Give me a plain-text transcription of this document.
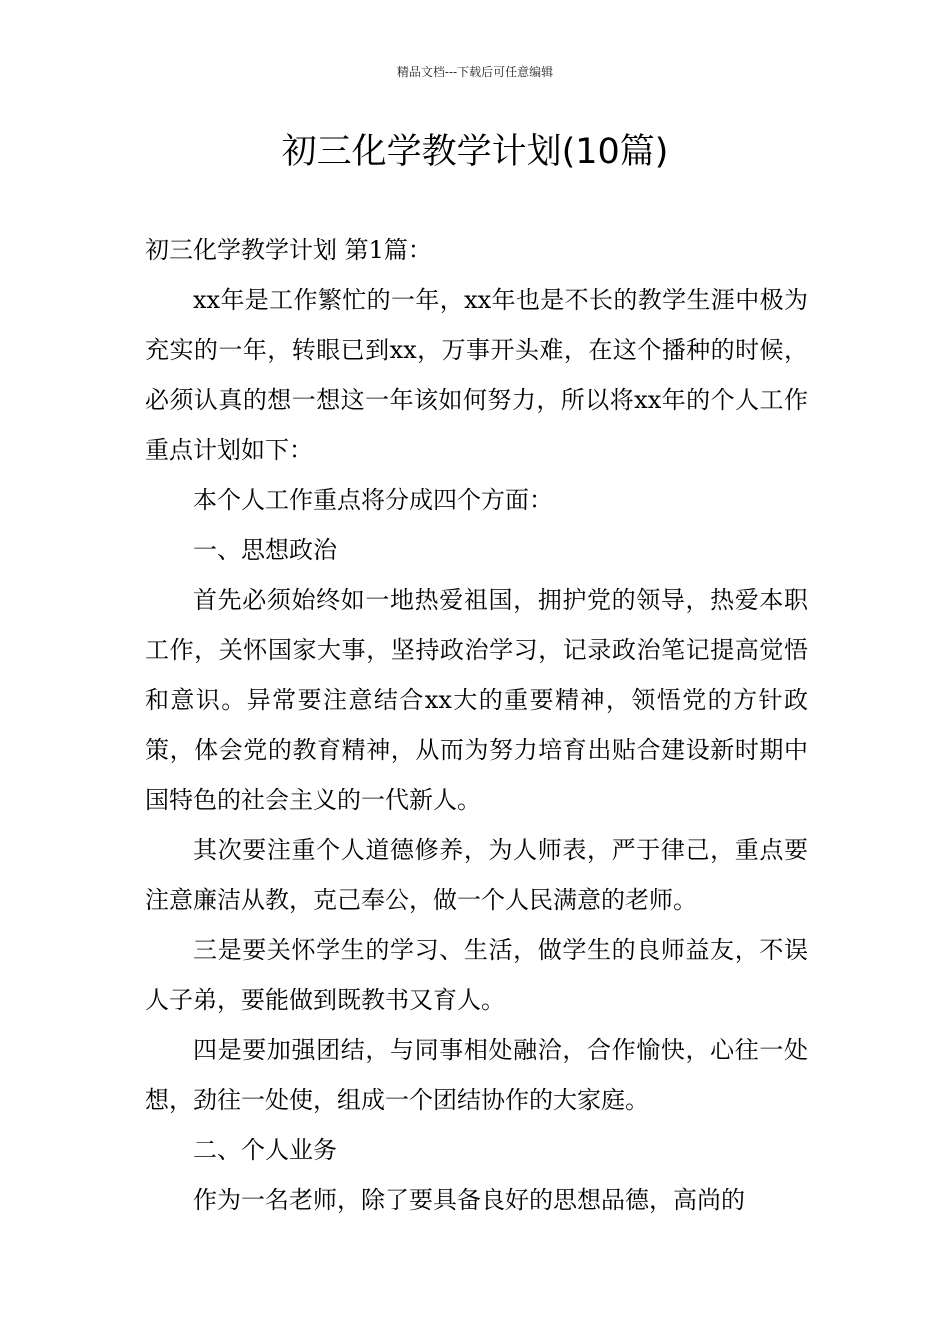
精品文档---下载后可任意编辑
初三化学教学计划(10篇)

初三化学教学计划 第1篇：

xx年是工作繁忙的一年，xx年也是不长的教学生涯中极为充实的一年，转眼已到xx，万事开头难，在这个播种的时候，必须认真的想一想这一年该如何努力，所以将xx年的个人工作重点计划如下：

本个人工作重点将分成四个方面：

一、思想政治

首先必须始终如一地热爱祖国，拥护党的领导，热爱本职工作，关怀国家大事，坚持政治学习，记录政治笔记提高觉悟和意识。异常要注意结合xx大的重要精神，领悟党的方针政策，体会党的教育精神，从而为努力培育出贴合建设新时期中国特色的社会主义的一代新人。

其次要注重个人道德修养，为人师表，严于律己，重点要注意廉洁从教，克己奉公，做一个人民满意的老师。

三是要关怀学生的学习、生活，做学生的良师益友，不误人子弟，要能做到既教书又育人。

四是要加强团结，与同事相处融洽，合作愉快，心往一处想，劲往一处使，组成一个团结协作的大家庭。

二、个人业务

作为一名老师，除了要具备良好的思想品德，高尚的
